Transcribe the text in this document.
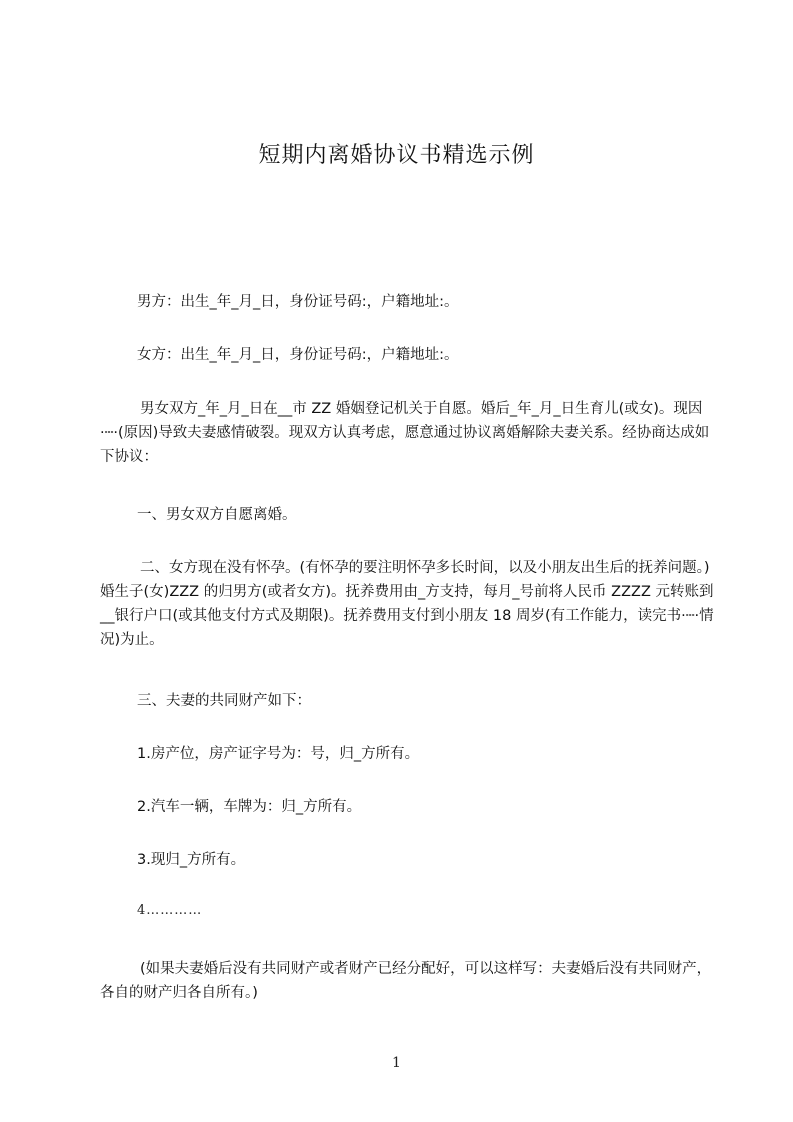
短期内离婚协议书精选示例
男方：出生_年_月_日，身份证号码:，户籍地址:。
女方：出生_年_月_日，身份证号码:，户籍地址:。
男女双方_年_月_日在__市 ZZ 婚姻登记机关于自愿。婚后_年_月_日生育儿(或女)。现因·┄·(原因)导致夫妻感情破裂。现双方认真考虑，愿意通过协议离婚解除夫妻关系。经协商达成如下协议：
一、男女双方自愿离婚。
二、女方现在没有怀孕。(有怀孕的要注明怀孕多长时间，以及小朋友出生后的抚养问题。)婚生子(女)ZZZ 的归男方(或者女方)。抚养费用由_方支持，每月_号前将人民币 ZZZZ 元转账到__银行户口(或其他支付方式及期限)。抚养费用支付到小朋友 18 周岁(有工作能力，读完书·┄·情况)为止。
三、夫妻的共同财产如下：
1.房产位，房产证字号为：号，归_方所有。
2.汽车一辆，车牌为：归_方所有。
3.现归_方所有。
4…………
(如果夫妻婚后没有共同财产或者财产已经分配好，可以这样写：夫妻婚后没有共同财产，各自的财产归各自所有。)
1
